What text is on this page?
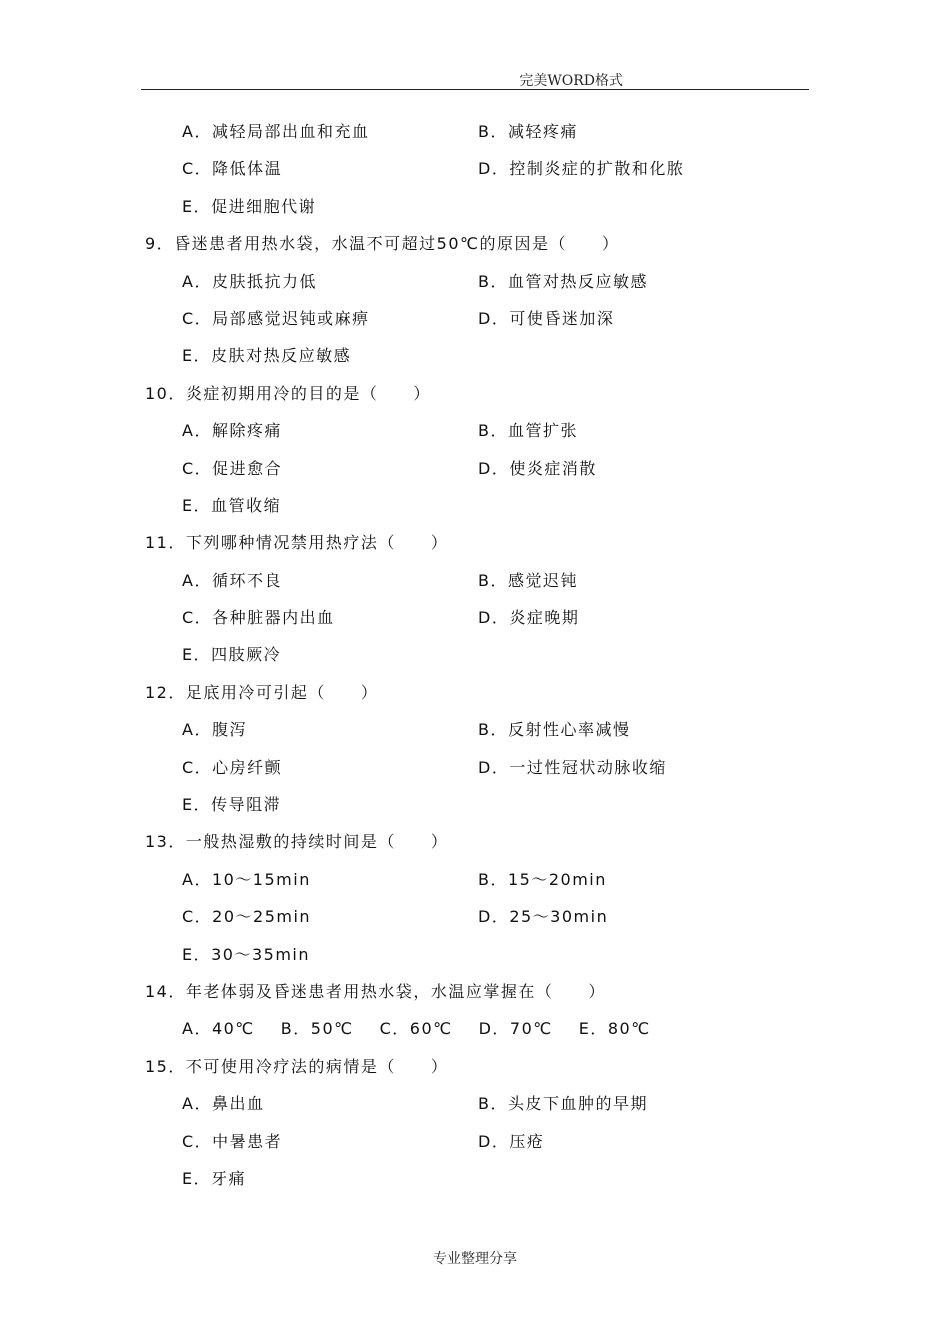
完美WORD格式
A．减轻局部出血和充血	B．减轻疼痛
C．降低体温	D．控制炎症的扩散和化脓
E．促进细胞代谢
9．昏迷患者用热水袋，水温不可超过50℃的原因是（　　）
A．皮肤抵抗力低	B．血管对热反应敏感
C．局部感觉迟钝或麻痹	D．可使昏迷加深
E．皮肤对热反应敏感
10．炎症初期用冷的目的是（　　）
A．解除疼痛	B．血管扩张
C．促进愈合	D．使炎症消散
E．血管收缩
11．下列哪种情况禁用热疗法（　　）
A．循环不良	B．感觉迟钝
C．各种脏器内出血	D．炎症晚期
E．四肢厥冷
12．足底用冷可引起（　　）
A．腹泻	B．反射性心率减慢
C．心房纤颤	D．一过性冠状动脉收缩
E．传导阻滞
13．一般热湿敷的持续时间是（　　）
A．10～15min	B．15～20min
C．20～25min	D．25～30min
E．30～35min
14．年老体弱及昏迷患者用热水袋，水温应掌握在（　　）
A．40℃ B．50℃ C．60℃ D．70℃ E．80℃
15．不可使用冷疗法的病情是（　　）
A．鼻出血	B．头皮下血肿的早期
C．中暑患者	D．压疮
E．牙痛
专业整理分享
